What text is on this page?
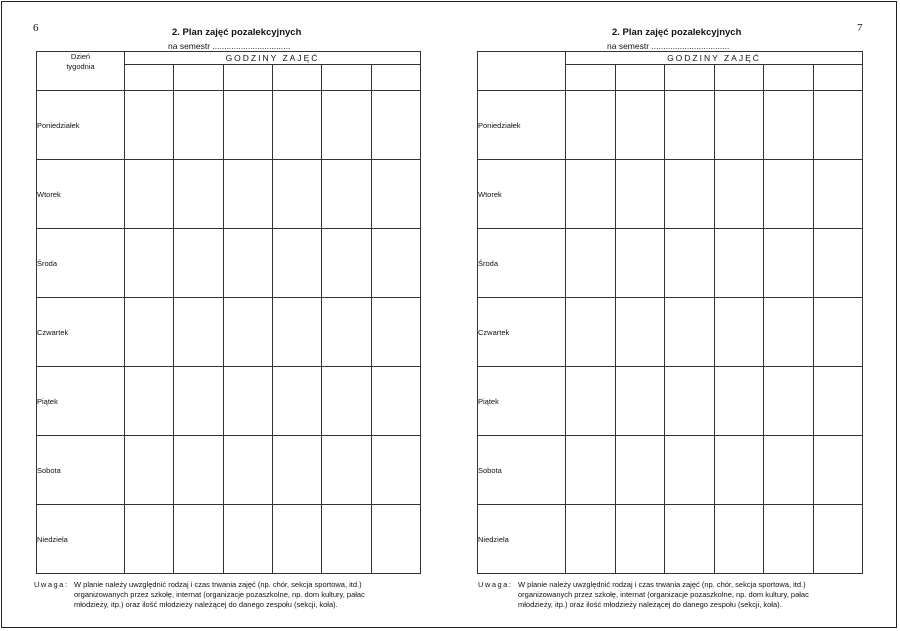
6	2. Plan zajęć pozalekcyjnych
na semestr .................................
Dzień
tygodnia	GODZINY ZAJĘĆ					

Poniedziałek						
Wtorek						
Środa						
Czwartek						
Piątek						
Sobota						
Niedziela						
Uwaga: W planie należy uwzględnić rodzaj i czas trwania zajęć (np. chór, sekcja sportowa, itd.) organizowanych przez szkołę, internat (organizacje pozaszkolne, np. dom kultury, pałac młodzieży, itp.) oraz ilość młodzieży należącej do danego zespołu (sekcji, koła).
7
2. Plan zajęć pozalekcyjnych
na semestr .................................
	GODZINY ZAJĘĆ					

Poniedziałek						
Wtorek						
Środa						
Czwartek						
Piątek						
Sobota						
Niedziela						
Uwaga: W planie należy uwzględnić rodzaj i czas trwania zajęć (np. chór, sekcja sportowa, itd.) organizowanych przez szkołę, internat (organizacje pozaszkolne, np. dom kultury, pałac młodzieży, itp.) oraz ilość młodzieży należącej do danego zespołu (sekcji, koła).
